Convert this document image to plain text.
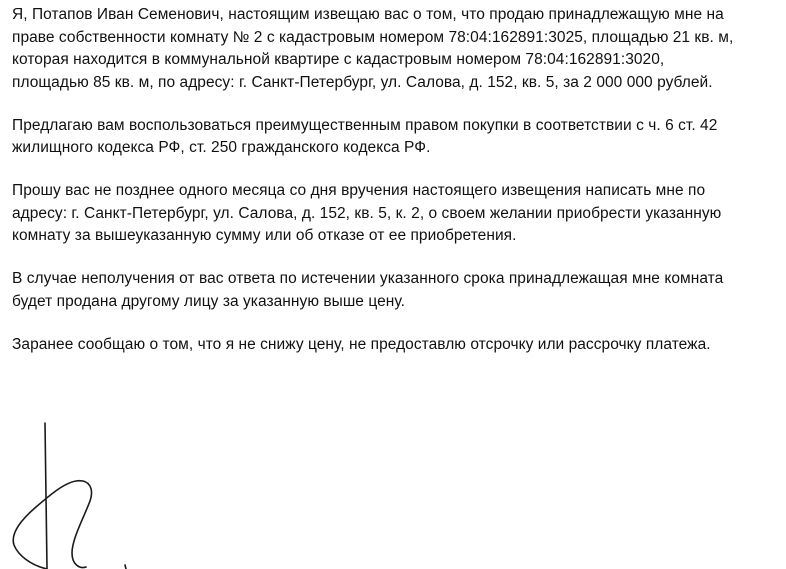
Я, Потапов Иван Семенович, настоящим извещаю вас о том, что продаю принадлежащую мне на
праве собственности комнату № 2 с кадастровым номером 78:04:162891:3025, площадью 21 кв. м,
которая находится в коммунальной квартире с кадастровым номером 78:04:162891:3020,
площадью 85 кв. м, по адресу: г. Санкт-Петербург, ул. Салова, д. 152, кв. 5, за 2 000 000 рублей.

Предлагаю вам воспользоваться преимущественным правом покупки в соответствии с ч. 6 ст. 42
жилищного кодекса РФ, ст. 250 гражданского кодекса РФ.

Прошу вас не позднее одного месяца со дня вручения настоящего извещения написать мне по
адресу: г. Санкт-Петербург, ул. Салова, д. 152, кв. 5, к. 2, о своем желании приобрести указанную
комнату за вышеуказанную сумму или об отказе от ее приобретения.

В случае неполучения от вас ответа по истечении указанного срока принадлежащая мне комната
будет продана другому лицу за указанную выше цену.

Заранее сообщаю о том, что я не снижу цену, не предоставлю отсрочку или рассрочку платежа.
